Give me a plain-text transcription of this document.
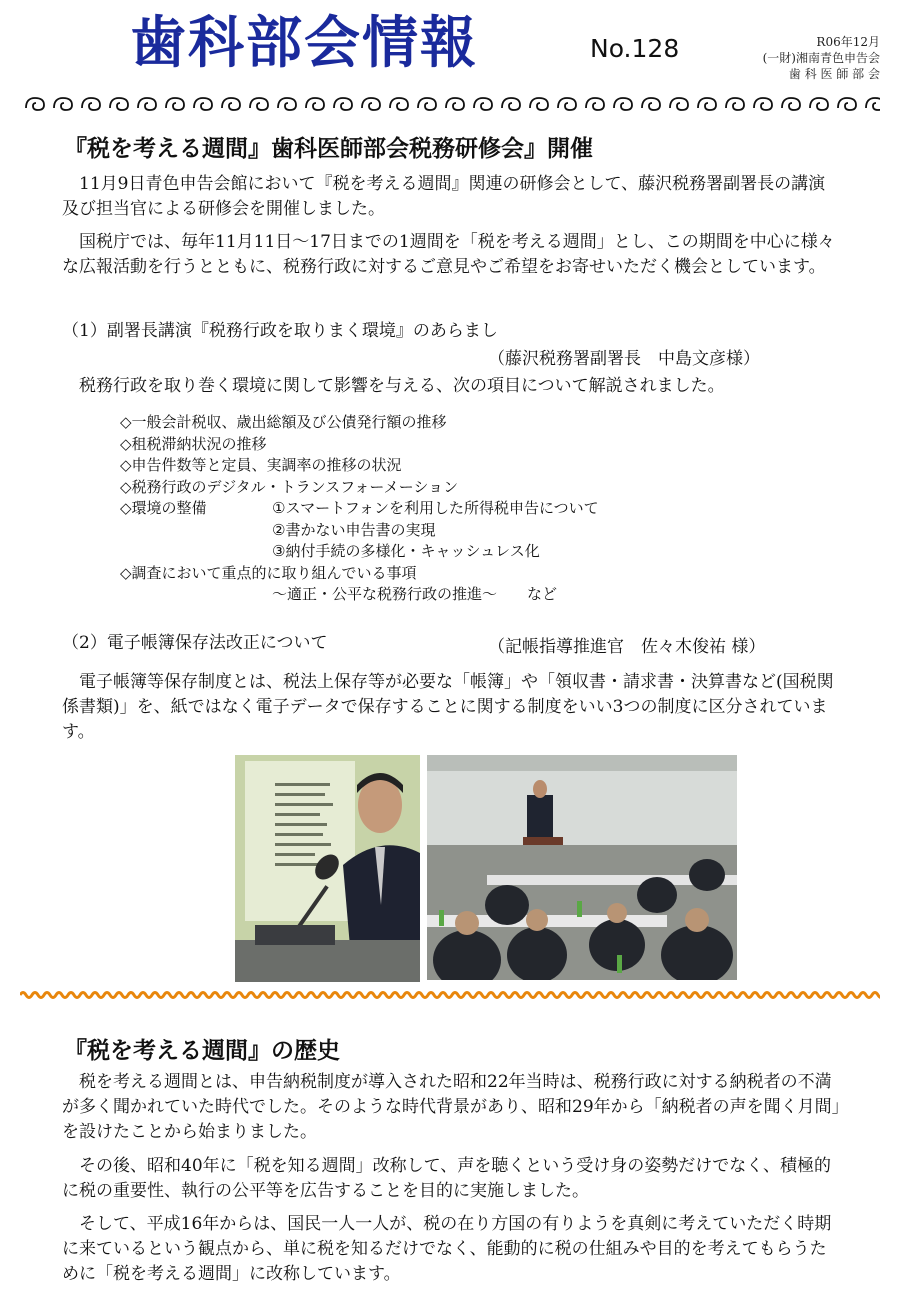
歯科部会情報	No.128	R06年12月
(一財)湘南青色申告会
歯 科 医 師 部 会
『税を考える週間』歯科医師部会税務研修会』開催
11月9日青色申告会館において『税を考える週間』関連の研修会として、藤沢税務署副署長の講演及び担当官による研修会を開催しました。
国税庁では、毎年11月11日～17日までの1週間を「税を考える週間」とし、この期間を中心に様々な広報活動を行うとともに、税務行政に対するご意見やご希望をお寄せいただく機会としています。
（1）副署長講演『税務行政を取りまく環境』のあらまし
（藤沢税務署副署長　中島文彦様）
税務行政を取り巻く環境に関して影響を与える、次の項目について解説されました。
◇一般会計税収、歳出総額及び公債発行額の推移
◇租税滞納状況の推移
◇申告件数等と定員、実調率の推移の状況
◇税務行政のデジタル・トランスフォーメーション
◇環境の整備	①スマートフォンを利用した所得税申告について
②書かない申告書の実現
③納付手続の多様化・キャッシュレス化
◇調査において重点的に取り組んでいる事項
～適正・公平な税務行政の推進～　　など
（2）電子帳簿保存法改正について	（記帳指導推進官　佐々木俊祐 様）
電子帳簿等保存制度とは、税法上保存等が必要な「帳簿」や「領収書・請求書・決算書など(国税関係書類)」を、紙ではなく電子データで保存することに関する制度をいい3つの制度に区分されています。
『税を考える週間』の歴史
税を考える週間とは、申告納税制度が導入された昭和22年当時は、税務行政に対する納税者の不満が多く聞かれていた時代でした。そのような時代背景があり、昭和29年から「納税者の声を聞く月間」を設けたことから始まりました。
その後、昭和40年に「税を知る週間」改称して、声を聴くという受け身の姿勢だけでなく、積極的に税の重要性、執行の公平等を広告することを目的に実施しました。
そして、平成16年からは、国民一人一人が、税の在り方国の有りようを真剣に考えていただく時期に来ているという観点から、単に税を知るだけでなく、能動的に税の仕組みや目的を考えてもらうために「税を考える週間」に改称しています。
